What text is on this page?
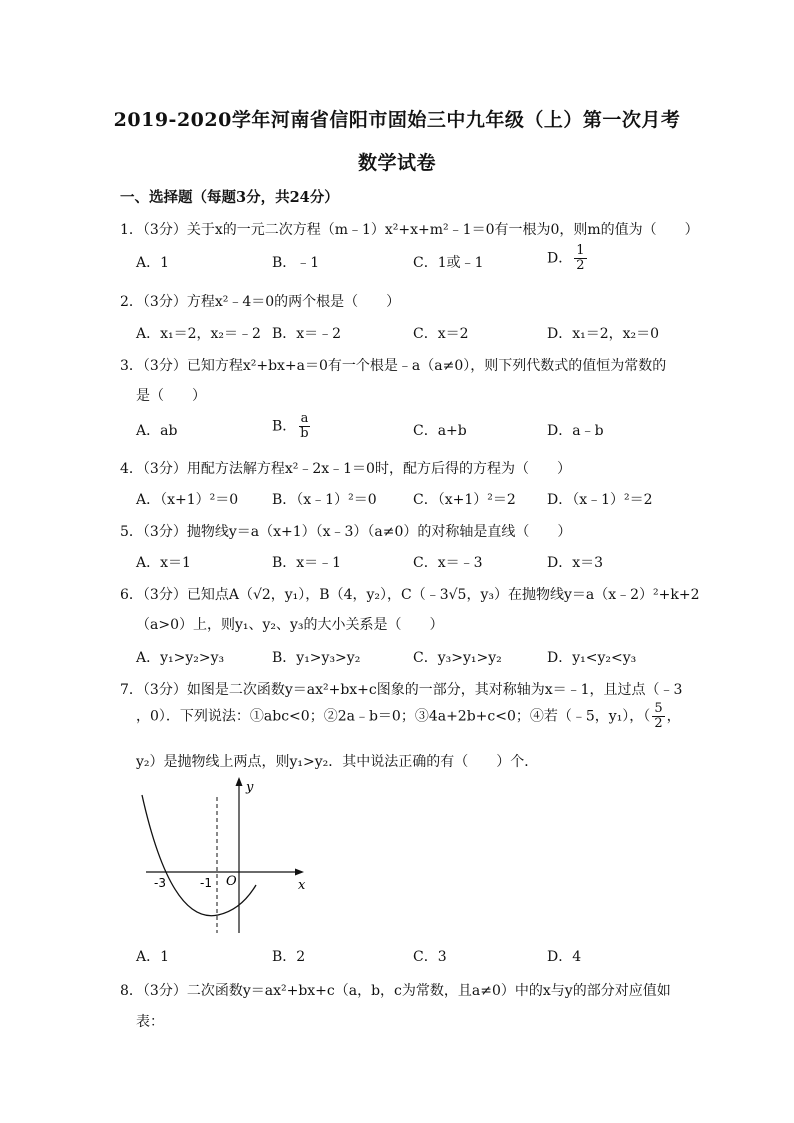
2019-2020学年河南省信阳市固始三中九年级（上）第一次月考
数学试卷
一、选择题（每题3分，共24分）
1．（3分）关于x的一元二次方程（m﹣1）x²+x+m²﹣1＝0有一根为0，则m的值为（　　）
A．1	B．﹣1	C．1或﹣1	D． $\frac{1}{2}$
2．（3分）方程x²﹣4＝0的两个根是（　　）
A．x₁＝2，x₂＝﹣2 B．x＝﹣2	C．x＝2	D．x₁＝2，x₂＝0
3．（3分）已知方程x²+bx+a＝0有一个根是﹣a（a≠0），则下列代数式的值恒为常数的
是（　　）
A．ab	B． $\frac{a}{b}$	C．a+b	D．a﹣b
4．（3分）用配方法解方程x²﹣2x﹣1＝0时，配方后得的方程为（　　）
A．（x+1）²＝0 B．（x﹣1）²＝0	C．（x+1）²＝2 D．（x﹣1）²＝2
5．（3分）抛物线y＝a（x+1）（x﹣3）（a≠0）的对称轴是直线（　　）
A．x＝1	B．x＝﹣1	C．x＝﹣3	D．x＝3
6．（3分）已知点A（√2，y₁），B（4，y₂），C（﹣3√5，y₃）在抛物线y＝a（x﹣2）²+k+2
（a>0）上，则y₁、y₂、y₃的大小关系是（　　）
A．y₁>y₂>y₃	B．y₁>y₃>y₂	C．y₃>y₁>y₂	D．y₁<y₂<y₃
7．（3分）如图是二次函数y＝ax²+bx+c图象的一部分，其对称轴为x＝﹣1，且过点（﹣3
，0）．下列说法：①abc<0；②2a﹣b＝0；③4a+2b+c<0；④若（﹣5，y₁），（ $\frac{5}{2}$ ，
y₂）是抛物线上两点，则y₁>y₂．其中说法正确的有（　　）个．
y
x
O
-3	-1
A．1	B．2	C．3	D．4
8．（3分）二次函数y＝ax²+bx+c（a，b，c为常数，且a≠0）中的x与y的部分对应值如
表：
